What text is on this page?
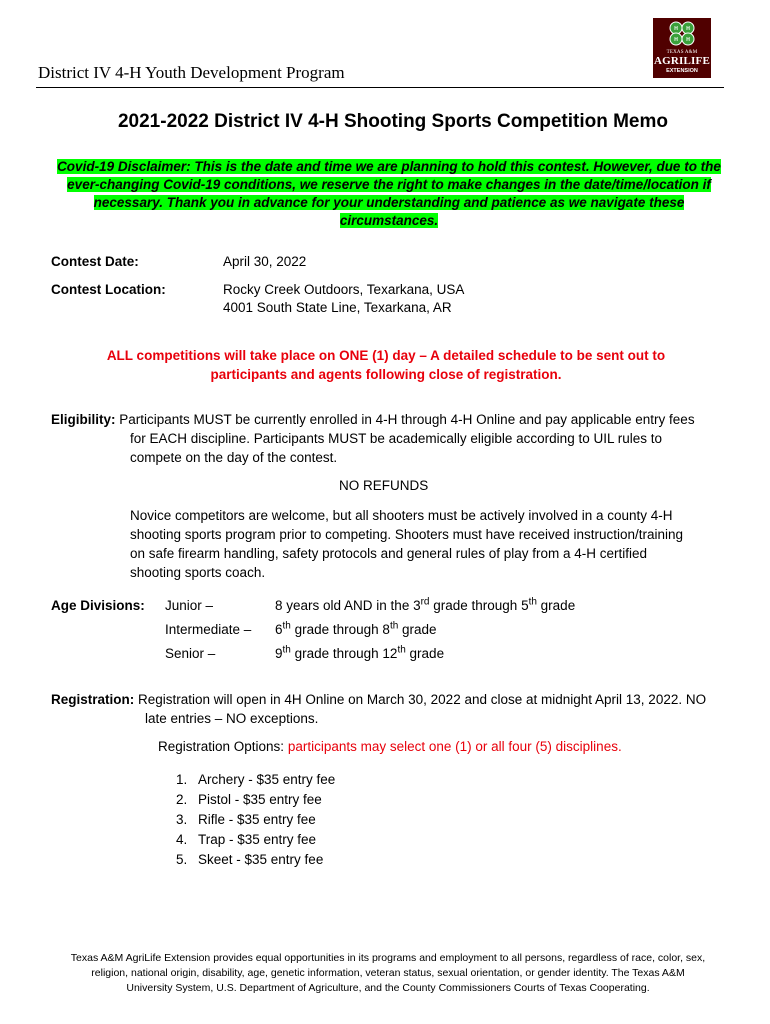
District IV 4-H Youth Development Program
H H
H H
TEXAS A&M
AGRILIFE
EXTENSION
2021-2022 District IV 4-H Shooting Sports Competition Memo
Covid-19 Disclaimer: This is the date and time we are planning to hold this contest. However, due to the
ever-changing Covid-19 conditions, we reserve the right to make changes in the date/time/location if
necessary. Thank you in advance for your understanding and patience as we navigate these
circumstances.
Contest Date:	April 30, 2022
Contest Location:	Rocky Creek Outdoors, Texarkana, USA
4001 South State Line, Texarkana, AR
ALL competitions will take place on ONE (1) day – A detailed schedule to be sent out to
participants and agents following close of registration.
Eligibility: Participants MUST be currently enrolled in 4-H through 4-H Online and pay applicable entry fees
for EACH discipline. Participants MUST be academically eligible according to UIL rules to
compete on the day of the contest.
NO REFUNDS
Novice competitors are welcome, but all shooters must be actively involved in a county 4-H
shooting sports program prior to competing. Shooters must have received instruction/training
on safe firearm handling, safety protocols and general rules of play from a 4-H certified
shooting sports coach.
Age Divisions: Junior –	8 years old AND in the 3rd grade through 5th grade
Intermediate – 6th grade through 8th grade
Senior –	9th grade through 12th grade
Registration: Registration will open in 4H Online on March 30, 2022 and close at midnight April 13, 2022. NO
late entries – NO exceptions.
Registration Options: participants may select one (1) or all four (5) disciplines.
1. Archery - $35 entry fee
2. Pistol - $35 entry fee
3. Rifle - $35 entry fee
4. Trap - $35 entry fee
5. Skeet - $35 entry fee
Texas A&M AgriLife Extension provides equal opportunities in its programs and employment to all persons, regardless of race, color, sex,
religion, national origin, disability, age, genetic information, veteran status, sexual orientation, or gender identity. The Texas A&M
University System, U.S. Department of Agriculture, and the County Commissioners Courts of Texas Cooperating.
